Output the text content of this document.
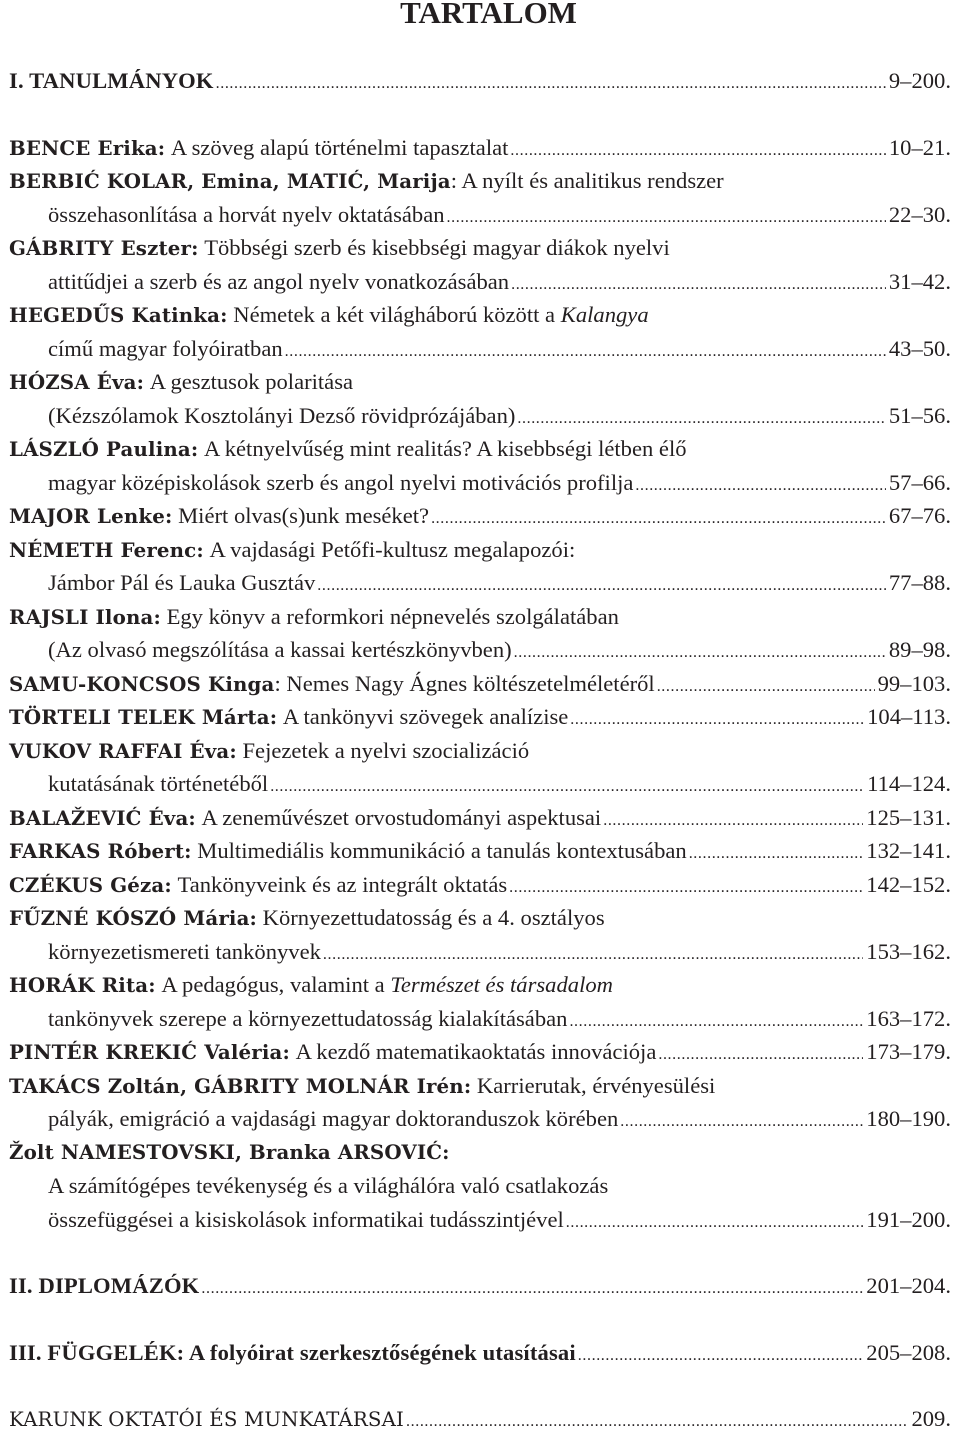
TARTALOM
I. TANULMÁNYOK .....	9–200.
BENCE Erika:
A szöveg alapú történelmi tapasztalat .....	10–21.
BERBIĆ KOLAR, Emina, MATIĆ, Marija : A nyílt és analitikus rendszer
összehasonlítása a horvát nyelv oktatásában .....	22–30.
GÁBRITY Eszter:
Többségi szerb és kisebbségi magyar diákok nyelvi
attitűdjei a szerb és az angol nyelv vonatkozásában .....	31–42.
HEGEDŰS Katinka:
Németek a két világháború között a
Kalangya
című magyar folyóiratban .....	43–50.
HÓZSA Éva:
A gesztusok polaritása
(Kézszólamok Kosztolányi Dezső rövidprózájában) .....	51–56.
LÁSZLÓ Paulina:
A kétnyelvűség mint realitás? A kisebbségi létben élő
magyar középiskolások szerb és angol nyelvi motivációs profilja .....	57–66.
MAJOR Lenke:
Miért olvas(s)unk meséket? .....	67–76.
NÉMETH Ferenc:
A vajdasági Petőfi-kultusz megalapozói:
Jámbor Pál és Lauka Gusztáv .....	77–88.
RAJSLI Ilona:
Egy könyv a reformkori népnevelés szolgálatában
(Az olvasó megszólítása a kassai kertészkönyvben) .....	89–98.
SAMU-KONCSOS Kinga : Nemes Nagy Ágnes költészetelméletéről .....	99–103.
TÖRTELI TELEK Márta:
A tankönyvi szövegek analízise .....	104–113.
VUKOV RAFFAI Éva:
Fejezetek a nyelvi szocializáció
kutatásának történetéből .....	114–124.
BALAŽEVIĆ Éva:
A zeneművészet orvostudományi aspektusai .....	125–131.
FARKAS Róbert:
Multimediális kommunikáció a tanulás kontextusában .....	132–141.
CZÉKUS Géza:
Tankönyveink és az integrált oktatás .....	142–152.
FŰZNÉ KÓSZÓ Mária:
Környezettudatosság és a 4. osztályos
környezetismereti tankönyvek .....	153–162.
HORÁK Rita:
A pedagógus, valamint a
Természet és társadalom
tankönyvek szerepe a környezettudatosság kialakításában .....	163–172.
PINTÉR KREKIĆ Valéria:
A kezdő matematikaoktatás innovációja .....	173–179.
TAKÁCS Zoltán, GÁBRITY MOLNÁR Irén:
Karrierutak, érvényesülési
pályák, emigráció a vajdasági magyar doktoranduszok körében .....	180–190.
Žolt NAMESTOVSKI, Branka ARSOVIĆ:
A számítógépes tevékenység és a világháló​ra való csatlakozás
összefüggései a kisiskolások informatikai tudásszintjével .....	191–200.
II. DIPLOMÁZÓK .....	201–204.
III. FÜGGELÉK: A folyóirat szerkesztőségének utasításai .....	205–208.
KARUNK OKTATÓI ÉS MUNKATÁRSAI .....	209.
